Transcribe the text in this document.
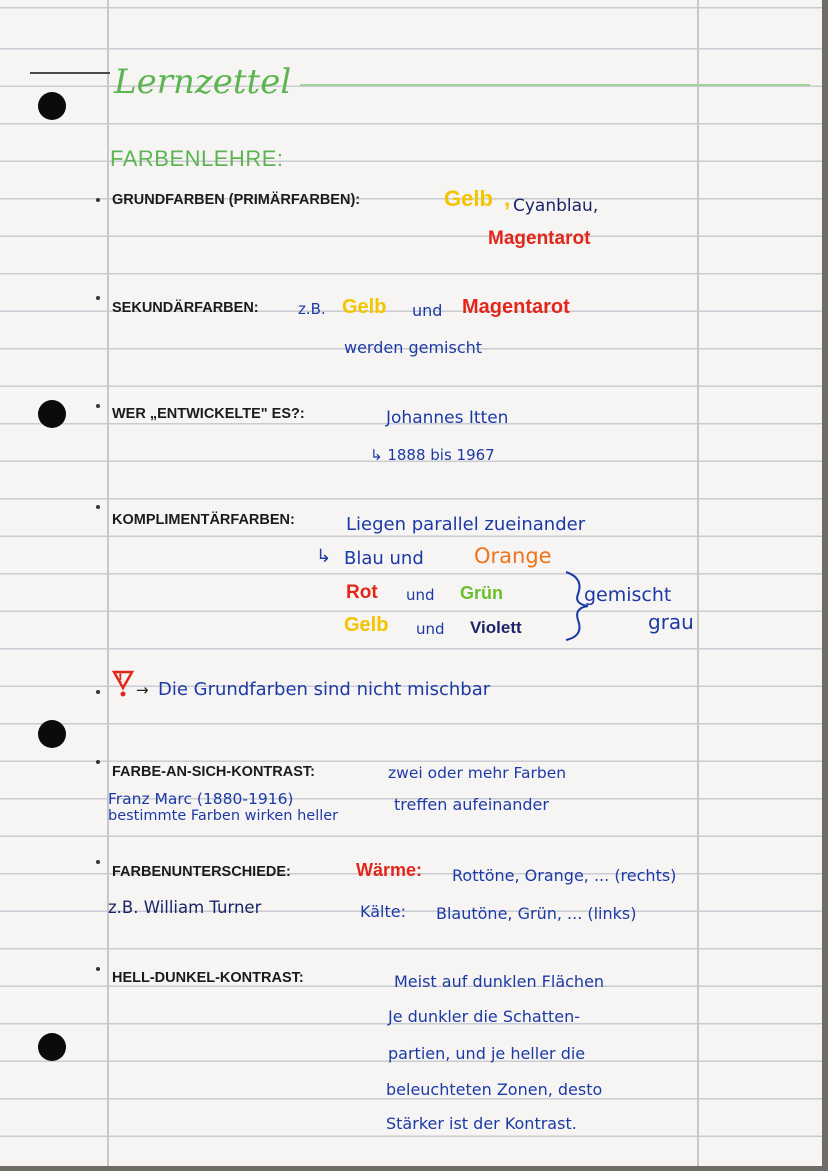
Lernzettel
FARBENLEHRE:
GRUNDFARBEN (PRIMÄRFARBEN):	Gelb , Cyanblau,
Magentarot
SEKUNDÄRFARBEN:	z.B. Gelb und Magentarot
werden gemischt
WER „ENTWICKELTE" ES?:	Johannes Itten
↳ 1888 bis 1967
KOMPLIMENTÄRFARBEN:	Liegen parallel zueinander
↳ Blau und Orange
Rot und Grün
Gelb und Violett
gemischt
grau
!
→ Die Grundfarben sind nicht mischbar
FARBE-AN-SICH-KONTRAST:	zwei oder mehr Farben
Franz Marc (1880-1916)	treffen aufeinander
bestimmte Farben wirken heller
FARBENUNTERSCHIEDE:	Wärme: Rottöne, Orange, ... (rechts)
z.B. William Turner	Kälte: Blautöne, Grün, ... (links)
HELL-DUNKEL-KONTRAST:	Meist auf dunklen Flächen
Je dunkler die Schatten-
partien, und je heller die
beleuchteten Zonen, desto
Stärker ist der Kontrast.
